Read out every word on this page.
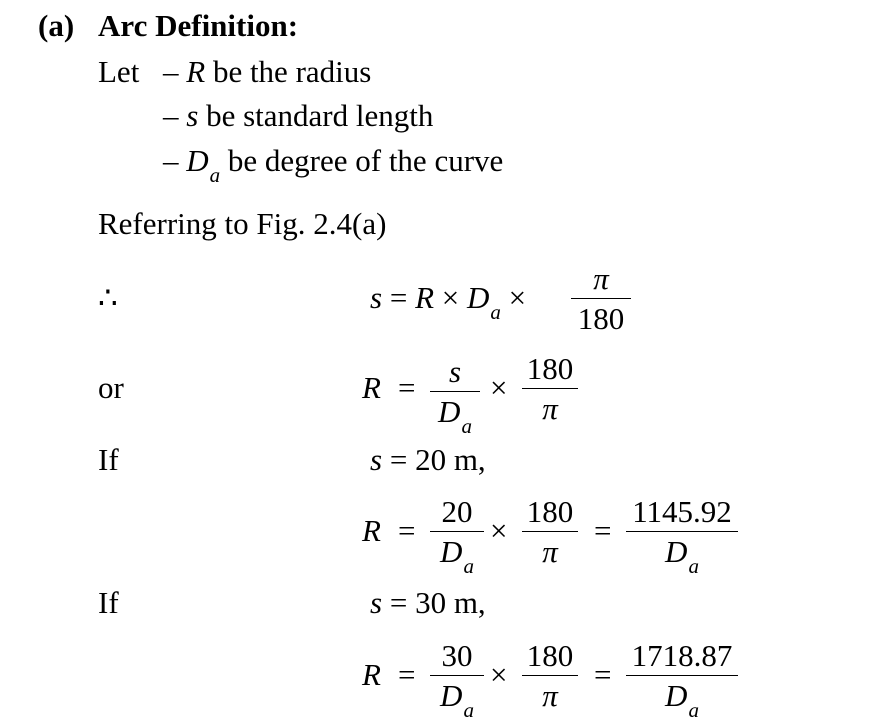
(a) Arc Definition:
Let – R be the radius
– s be standard length
– $D_a$ be degree of the curve
Referring to Fig. 2.4(a)
∴
or
If
If
$s = R \times D_a$ ×
π
180
R =	s
$D_a$
×
180
π
s = 20 m,
R =
20
$D_a$
×
180
π
=
1145.92
$D_a$
s = 30 m,
R =
30
$D_a$
×
180
π
=
1718.87
$D_a$
